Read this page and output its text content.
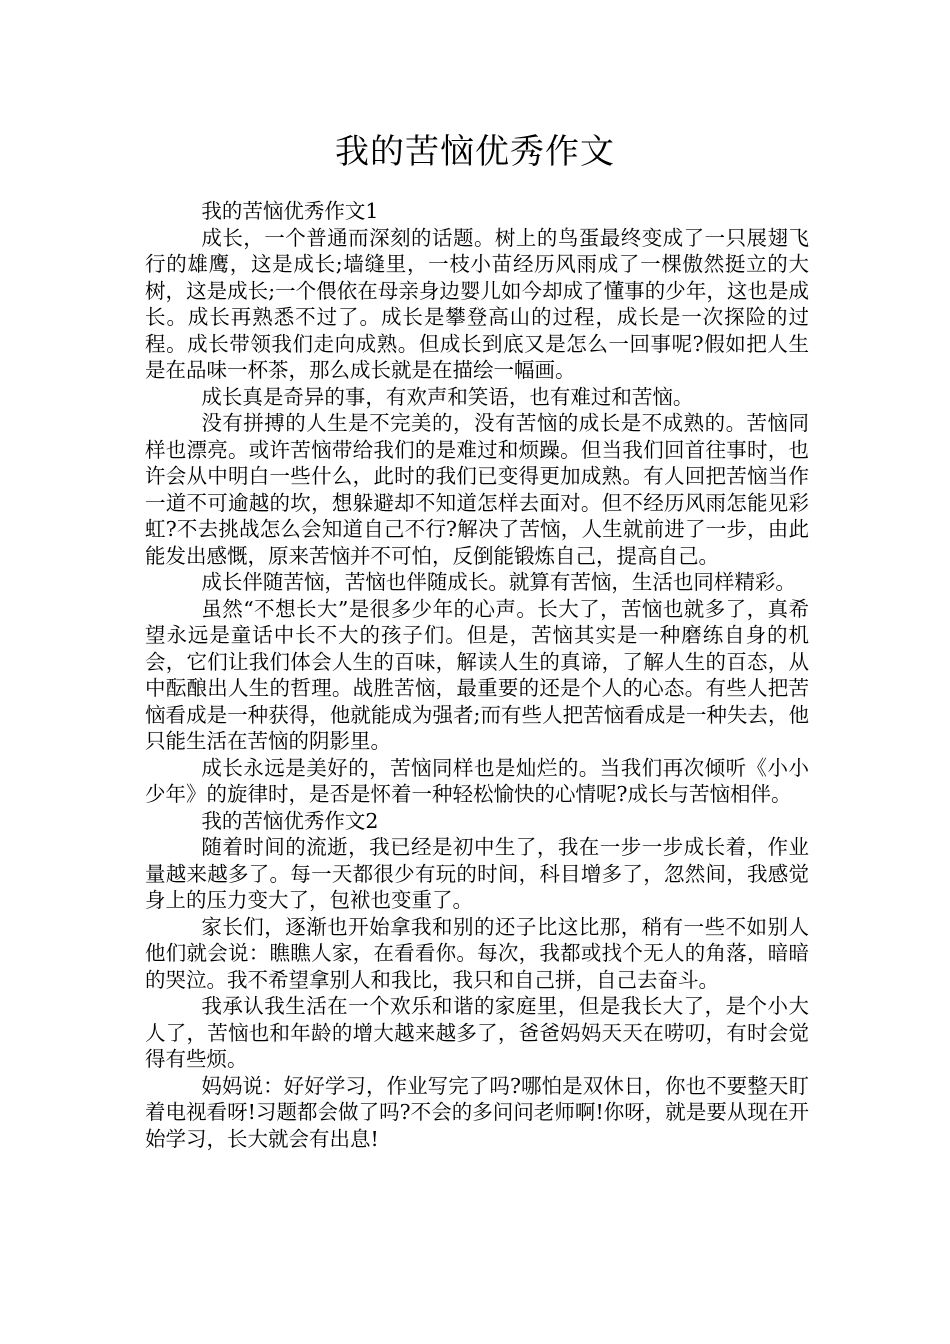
我的苦恼优秀作文

我的苦恼优秀作文1

成长，一个普通而深刻的话题。树上的鸟蛋最终变成了一只展翅飞行的雄鹰，这是成长;墙缝里，一枝小苗经历风雨成了一棵傲然挺立的大树，这是成长;一个偎依在母亲身边婴儿如今却成了懂事的少年，这也是成长。成长再熟悉不过了。成长是攀登高山的过程，成长是一次探险的过程。成长带领我们走向成熟。但成长到底又是怎么一回事呢?假如把人生是在品味一杯茶，那么成长就是在描绘一幅画。

成长真是奇异的事，有欢声和笑语，也有难过和苦恼。

没有拼搏的人生是不完美的，没有苦恼的成长是不成熟的。苦恼同样也漂亮。或许苦恼带给我们的是难过和烦躁。但当我们回首往事时，也许会从中明白一些什么，此时的我们已变得更加成熟。有人回把苦恼当作一道不可逾越的坎，想躲避却不知道怎样去面对。但不经历风雨怎能见彩虹?不去挑战怎么会知道自己不行?解决了苦恼，人生就前进了一步，由此能发出感慨，原来苦恼并不可怕，反倒能锻炼自己，提高自己。

成长伴随苦恼，苦恼也伴随成长。就算有苦恼，生活也同样精彩。

虽然“不想长大”是很多少年的心声。长大了，苦恼也就多了，真希望永远是童话中长不大的孩子们。但是，苦恼其实是一种磨练自身的机会，它们让我们体会人生的百味，解读人生的真谛，了解人生的百态，从中酝酿出人生的哲理。战胜苦恼，最重要的还是个人的心态。有些人把苦恼看成是一种获得，他就能成为强者;而有些人把苦恼看成是一种失去，他只能生活在苦恼的阴影里。

成长永远是美好的，苦恼同样也是灿烂的。当我们再次倾听《小小少年》的旋律时，是否是怀着一种轻松愉快的心情呢?成长与苦恼相伴。

我的苦恼优秀作文2

随着时间的流逝，我已经是初中生了，我在一步一步成长着，作业量越来越多了。每一天都很少有玩的时间，科目增多了，忽然间，我感觉身上的压力变大了，包袱也变重了。

家长们，逐渐也开始拿我和别的还子比这比那，稍有一些不如别人他们就会说：瞧瞧人家，在看看你。每次，我都或找个无人的角落，暗暗的哭泣。我不希望拿别人和我比，我只和自己拼，自己去奋斗。

我承认我生活在一个欢乐和谐的家庭里，但是我长大了，是个小大人了，苦恼也和年龄的增大越来越多了，爸爸妈妈天天在唠叨，有时会觉得有些烦。

妈妈说：好好学习，作业写完了吗?哪怕是双休日，你也不要整天盯着电视看呀!习题都会做了吗?不会的多问问老师啊!你呀，就是要从现在开始学习，长大就会有出息!
